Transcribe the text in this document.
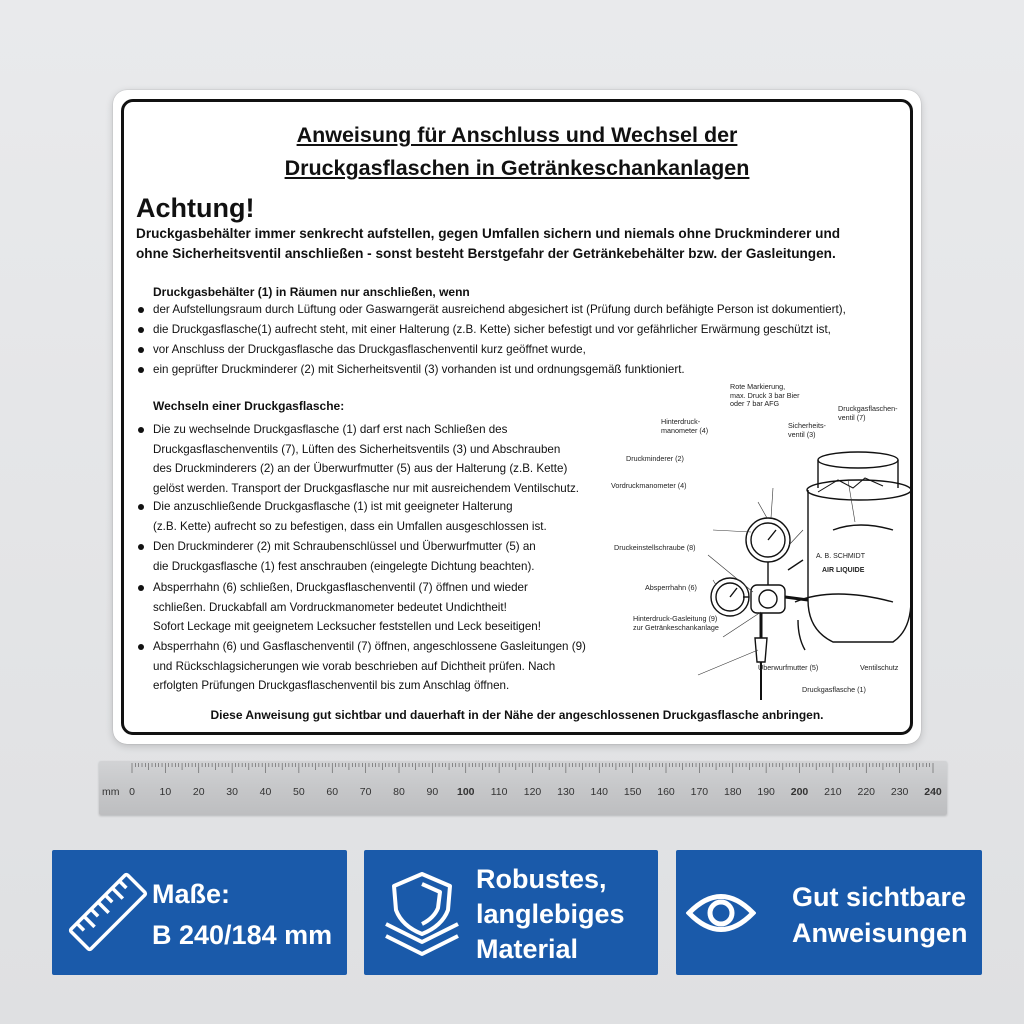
Anweisung für Anschluss und Wechsel der
Druckgasflaschen in Getränkeschankanlagen
Achtung!
Druckgasbehälter immer senkrecht aufstellen, gegen Umfallen sichern und niemals ohne Druckminderer und
ohne Sicherheitsventil anschließen - sonst besteht Berstgefahr der Getränkebehälter bzw. der Gasleitungen.
Druckgasbehälter (1) in Räumen nur anschließen, wenn
der Aufstellungsraum durch Lüftung oder Gaswarngerät ausreichend abgesichert ist (Prüfung durch befähigte Person ist dokumentiert),
die Druckgasflasche(1) aufrecht steht, mit einer Halterung (z.B. Kette) sicher befestigt und vor gefährlicher Erwärmung geschützt ist,
vor Anschluss der Druckgasflasche das Druckgasflaschenventil kurz geöffnet wurde,
ein geprüfter Druckminderer (2) mit Sicherheitsventil (3) vorhanden ist und ordnungsgemäß funktioniert.
Wechseln einer Druckgasflasche:
Die zu wechselnde Druckgasflasche (1) darf erst nach Schließen des
Druckgasflaschenventils (7), Lüften des Sicherheitsventils (3) und Abschrauben
des Druckminderers (2) an der Überwurfmutter (5) aus der Halterung (z.B. Kette)
gelöst werden. Transport der Druckgasflasche nur mit ausreichendem Ventilschutz.
Die anzuschließende Druckgasflasche (1) ist mit geeigneter Halterung
(z.B. Kette) aufrecht so zu befestigen, dass ein Umfallen ausgeschlossen ist.
Den Druckminderer (2) mit Schraubenschlüssel und Überwurfmutter (5) an
die Druckgasflasche (1) fest anschrauben (eingelegte Dichtung beachten).
Absperrhahn (6) schließen, Druckgasflaschenventil (7) öffnen und wieder
schließen. Druckabfall am Vordruckmanometer bedeutet Undichtheit!
Sofort Leckage mit geeignetem Lecksucher feststellen und Leck beseitigen!
Absperrhahn (6) und Gasflaschenventil (7) öffnen, angeschlossene Gasleitungen (9)
und Rückschlagsicherungen wie vorab beschrieben auf Dichtheit prüfen. Nach
erfolgten Prüfungen Druckgasflaschenventil bis zum Anschlag öffnen.
A. B. SCHMIDT
AIR LIQUIDE
Diese Anweisung gut sichtbar und dauerhaft in der Nähe der angeschlossenen Druckgasflasche anbringen.
Rote Markierung,
max. Druck 3 bar Bier
oder 7 bar AFG
Hinterdruck-
manometer (4)	Sicherheits-
ventil (3)
Druckgasflaschen-
ventil (7)
Druckminderer (2)
Vordruckmanometer (4)
Druckeinstellschraube (8)
Absperrhahn (6)
Hinterdruck-Gasleitung (9)
zur Getränkeschankanlage
Überwurfmutter (5)	Ventilschutz
Druckgasflasche (1)
mm 0 10 20 30 40 50 60 70 80 90 100 110 120 130 140 150 160 170 180 190 200 210 220 230 240
Maße:
B 240/184 mm
Robustes,
langlebiges
Material
Gut sichtbare
Anweisungen
